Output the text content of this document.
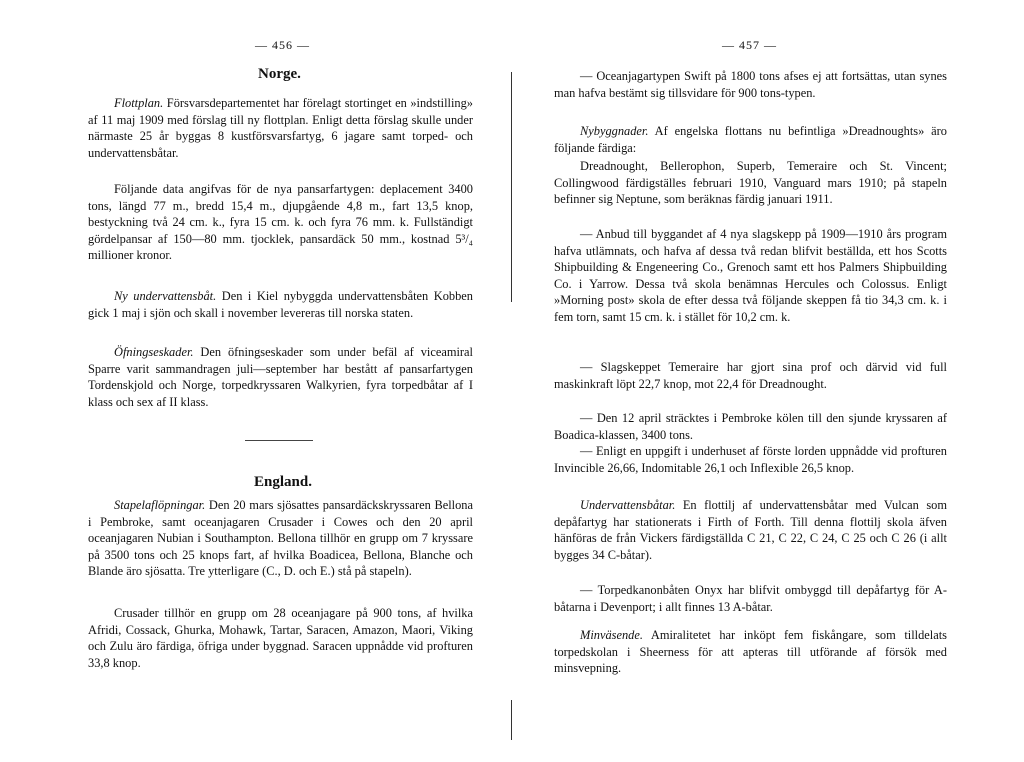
— 456 —
Norge.
Flottplan. Försvarsdepartementet har förelagt stortinget en »indstilling» af 11 maj 1909 med förslag till ny flottplan. Enligt detta förslag skulle under närmaste 25 år byggas 8 kustförsvarsfartyg, 6 jagare samt torped- och undervattensbåtar.
Följande data angifvas för de nya pansarfartygen: deplacement 3400 tons, längd 77 m., bredd 15,4 m., djupgående 4,8 m., fart 13,5 knop, bestyckning två 24 cm. k., fyra 15 cm. k. och fyra 76 mm. k. Fullständigt gördelpansar af 150—80 mm. tjocklek, pansardäck 50 mm., kostnad 5³/₄ millioner kronor.
Ny undervattensbåt. Den i Kiel nybyggda undervattensbåten Kobben gick 1 maj i sjön och skall i november levereras till norska staten.
Öfningseskader. Den öfningseskader som under befäl af viceamiral Sparre varit sammandragen juli—september har bestått af pansarfartygen Tordenskjold och Norge, torpedkryssaren Walkyrien, fyra torpedbåtar af I klass och sex af II klass.
England.
Stapelaflöpningar. Den 20 mars sjösattes pansardäckskryssaren Bellona i Pembroke, samt oceanjagaren Crusader i Cowes och den 20 april oceanjagaren Nubian i Southampton. Bellona tillhör en grupp om 7 kryssare på 3500 tons och 25 knops fart, af hvilka Boadicea, Bellona, Blanche och Blande äro sjösatta. Tre ytterligare (C., D. och E.) stå på stapeln).
Crusader tillhör en grupp om 28 oceanjagare på 900 tons, af hvilka Afridi, Cossack, Ghurka, Mohawk, Tartar, Saracen, Amazon, Maori, Viking och Zulu äro färdiga, öfriga under byggnad. Saracen uppnådde vid profturen 33,8 knop.
— 457 —
— Oceanjagartypen Swift på 1800 tons afses ej att fortsättas, utan synes man hafva bestämt sig tillsvidare för 900 tons-typen.
Nybyggnader. Af engelska flottans nu befintliga »Dreadnoughts» äro följande färdiga:
Dreadnought, Bellerophon, Superb, Temeraire och St. Vincent; Collingwood färdigställes februari 1910, Vanguard mars 1910; på stapeln befinner sig Neptune, som beräknas färdig januari 1911.
— Anbud till byggandet af 4 nya slagskepp på 1909—1910 års program hafva utlämnats, och hafva af dessa två redan blifvit beställda, ett hos Scotts Shipbuilding & Engeneering Co., Grenoch samt ett hos Palmers Shipbuilding Co. i Yarrow. Dessa två skola benämnas Hercules och Colossus. Enligt »Morning post» skola de efter dessa två följande skeppen få tio 34,3 cm. k. i fem torn, samt 15 cm. k. i stället för 10,2 cm. k.
— Slagskeppet Temeraire har gjort sina prof och därvid vid full maskinkraft löpt 22,7 knop, mot 22,4 för Dreadnought.
— Den 12 april sträcktes i Pembroke kölen till den sjunde kryssaren af Boadica-klassen, 3400 tons.
— Enligt en uppgift i underhuset af förste lorden uppnådde vid profturen Invincible 26,66, Indomitable 26,1 och Inflexible 26,5 knop.
Undervattensbåtar. En flottilj af undervattensbåtar med Vulcan som depåfartyg har stationerats i Firth of Forth. Till denna flottilj skola äfven hänföras de från Vickers färdigställda C 21, C 22, C 24, C 25 och C 26 (i allt bygges 34 C-båtar).
— Torpedkanonbåten Onyx har blifvit ombyggd till depåfartyg för A-båtarna i Devenport; i allt finnes 13 A-båtar.
Minväsende. Amiralitetet har inköpt fem fiskångare, som tilldelats torpedskolan i Sheerness för att apteras till utförande af försök med minsvepning.
